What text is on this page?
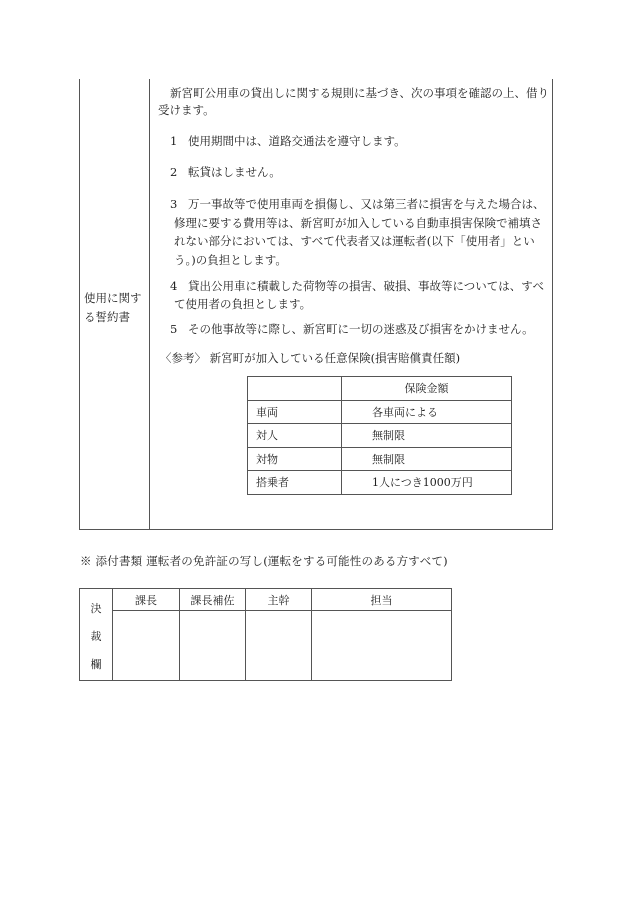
使用に関する誓約書

新宮町公用車の貸出しに関する規則に基づき、次の事項を確認の上、借り受けます。

1 使用期間中は、道路交通法を遵守します。

2 転貸はしません。

3 万一事故等で使用車両を損傷し、又は第三者に損害を与えた場合は、
修理に要する費用等は、新宮町が加入している自動車損害保険で補填されない部分においては、すべて代表者又は運転者(以下「使用者」という。)の負担とします。

4 貸出公用車に積載した荷物等の損害、破損、事故等については、すべ
て使用者の負担とします。

5 その他事故等に際し、新宮町に一切の迷惑及び損害をかけません。

〈参考〉 新宮町が加入している任意保険(損害賠償責任額)

	保険金額
車両	各車両による
対人	無制限
対物	無制限
搭乗者	1人につき1000万円
※ 添付書類 運転者の免許証の写し(運転をする可能性のある方すべて)
決
裁
欄	課長	課長補佐	主幹	担当
